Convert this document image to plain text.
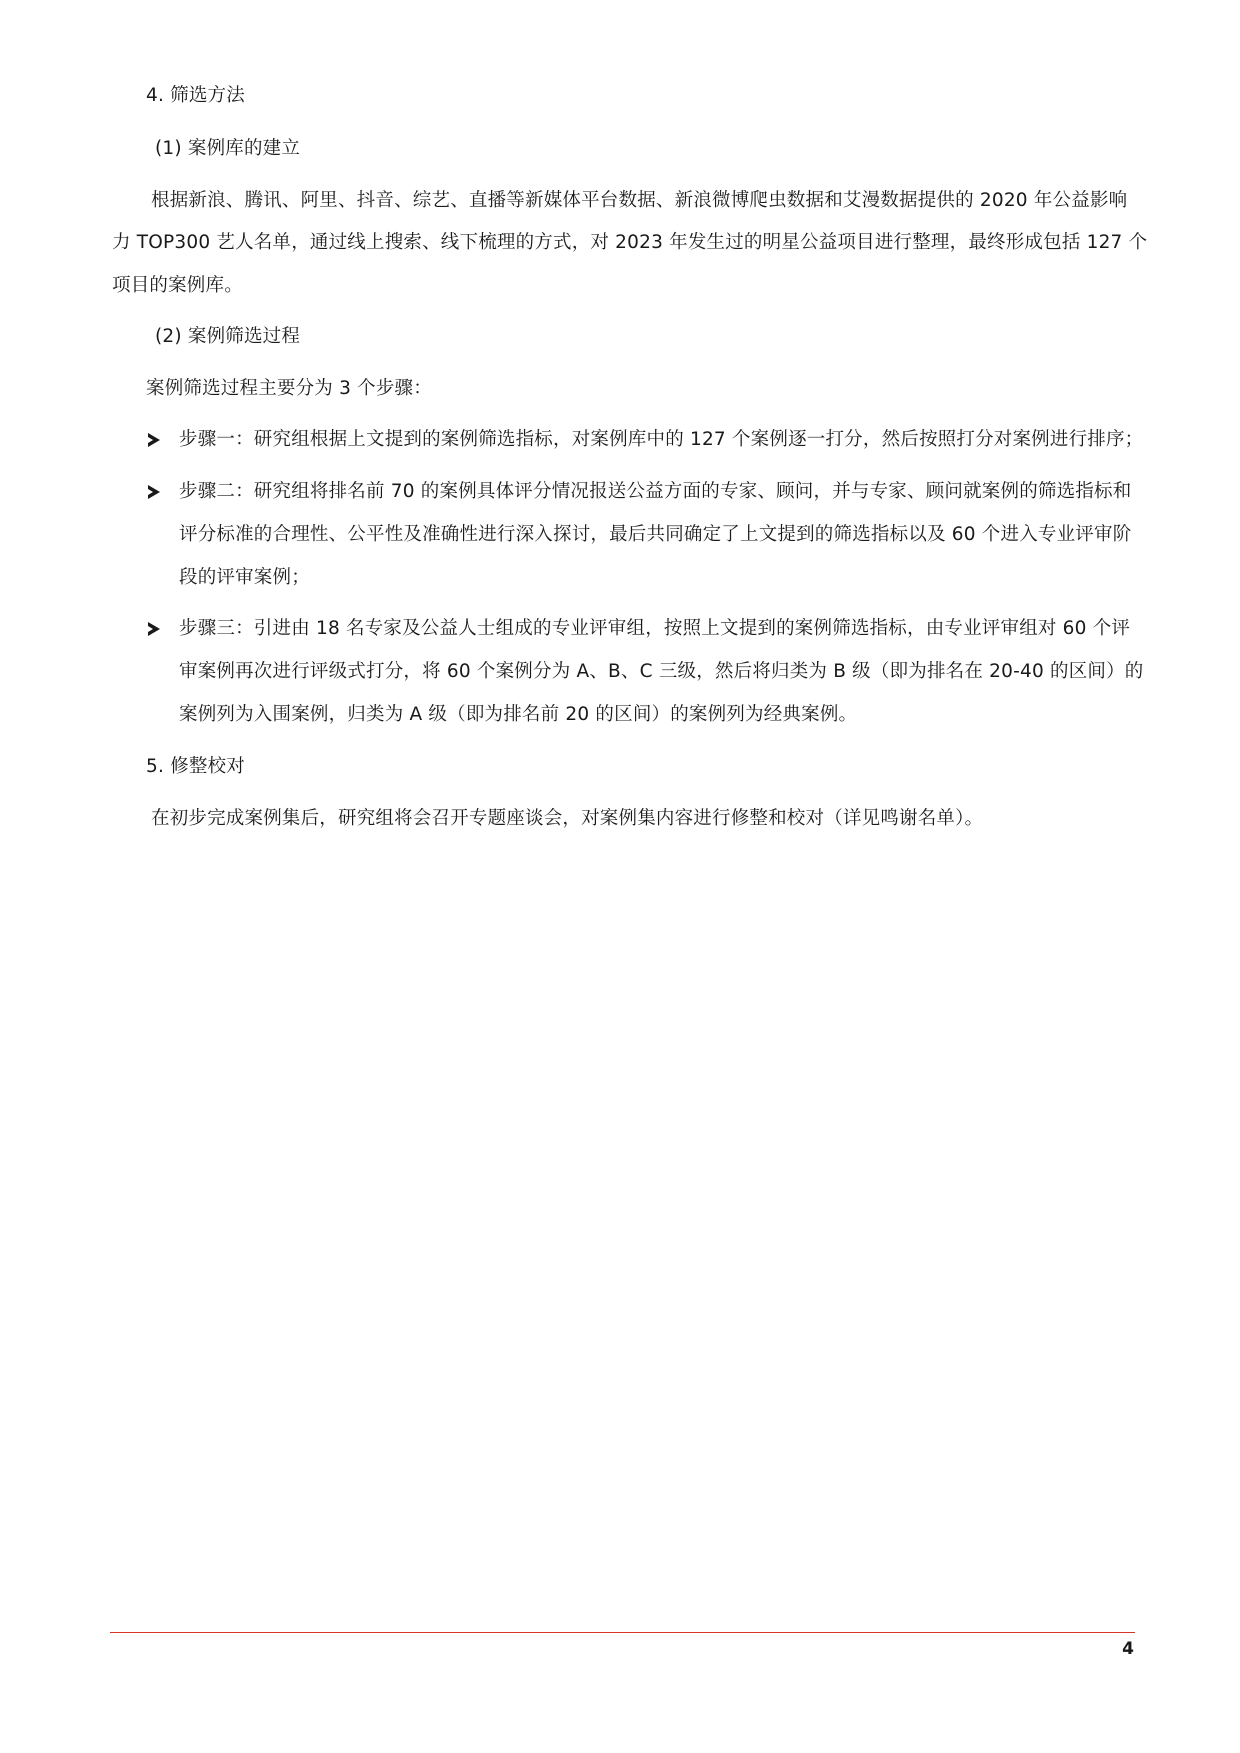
4. 筛选方法
(1) 案例库的建立
根据新浪、腾讯、阿里、抖音、综艺、直播等新媒体平台数据、新浪微博爬虫数据和艾漫数据提供的 2020 年公益影响
力 TOP300 艺人名单，通过线上搜索、线下梳理的方式，对 2023 年发生过的明星公益项目进行整理，最终形成包括 127 个
项目的案例库。
(2) 案例筛选过程
案例筛选过程主要分为 3 个步骤：
步骤一：研究组根据上文提到的案例筛选指标，对案例库中的 127 个案例逐一打分，然后按照打分对案例进行排序；
步骤二：研究组将排名前 70 的案例具体评分情况报送公益方面的专家、顾问，并与专家、顾问就案例的筛选指标和
评分标准的合理性、公平性及准确性进行深入探讨，最后共同确定了上文提到的筛选指标以及 60 个进入专业评审阶
段的评审案例；
步骤三：引进由 18 名专家及公益人士组成的专业评审组，按照上文提到的案例筛选指标，由专业评审组对 60 个评
审案例再次进行评级式打分，将 60 个案例分为 A、B、C 三级，然后将归类为 B 级（即为排名在 20-40 的区间）的
案例列为入围案例，归类为 A 级（即为排名前 20 的区间）的案例列为经典案例。
5. 修整校对
在初步完成案例集后，研究组将会召开专题座谈会，对案例集内容进行修整和校对（详见鸣谢名单）。
4
